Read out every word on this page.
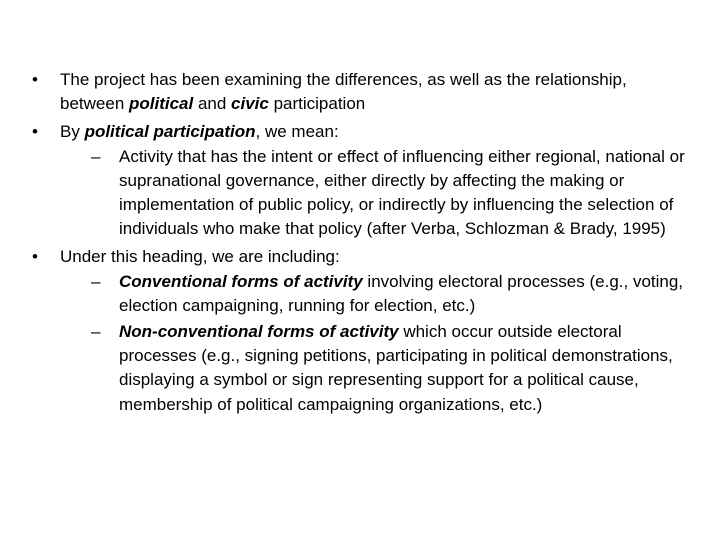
•	The project has been examining the differences, as well as the relationship, between political and civic participation
•	By political participation, we mean:
–	Activity that has the intent or effect of influencing either regional, national or supranational governance, either directly by affecting the making or implementation of public policy, or indirectly by influencing the selection of individuals who make that policy (after Verba, Schlozman & Brady, 1995)
•	Under this heading, we are including:
–	Conventional forms of activity involving electoral processes (e.g., voting, election campaigning, running for election, etc.)
–	Non-conventional forms of activity which occur outside electoral processes (e.g., signing petitions, participating in political demonstrations, displaying a symbol or sign representing support for a political cause, membership of political campaigning organizations, etc.)
